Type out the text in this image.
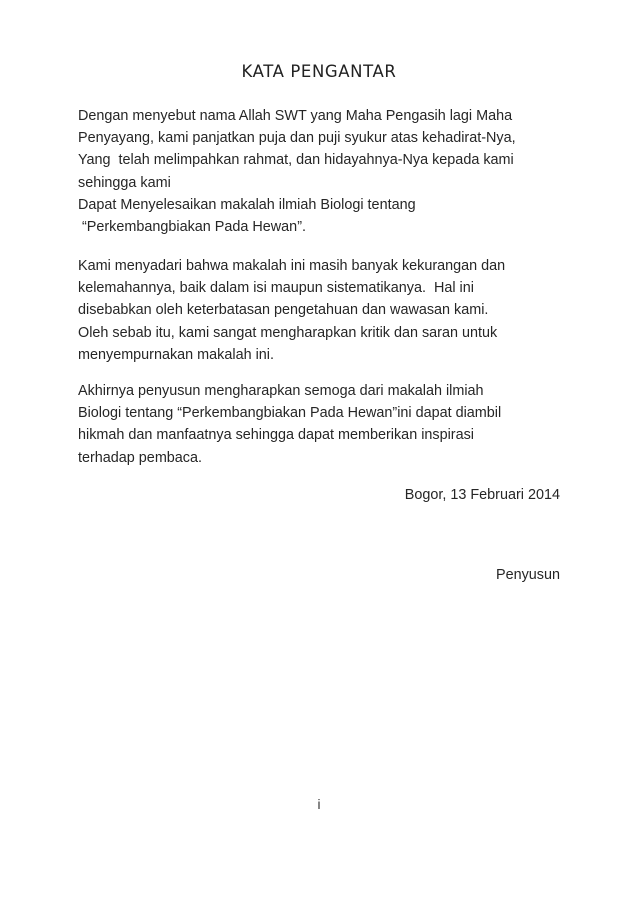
KATA PENGANTAR
Dengan menyebut nama Allah SWT yang Maha Pengasih lagi Maha
Penyayang, kami panjatkan puja dan puji syukur atas kehadirat-Nya,
Yang  telah melimpahkan rahmat, dan hidayahnya-Nya kepada kami
sehingga kami
Dapat Menyelesaikan makalah ilmiah Biologi tentang
“Perkembangbiakan Pada Hewan”.
Kami menyadari bahwa makalah ini masih banyak kekurangan dan
kelemahannya, baik dalam isi maupun sistematikanya.  Hal ini
disebabkan oleh keterbatasan pengetahuan dan wawasan kami.
Oleh sebab itu, kami sangat mengharapkan kritik dan saran untuk
menyempurnakan makalah ini.
Akhirnya penyusun mengharapkan semoga dari makalah ilmiah
Biologi tentang “Perkembangbiakan Pada Hewan”ini dapat diambil
hikmah dan manfaatnya sehingga dapat memberikan inspirasi
terhadap pembaca.
Bogor, 13 Februari 2014
Penyusun
i
